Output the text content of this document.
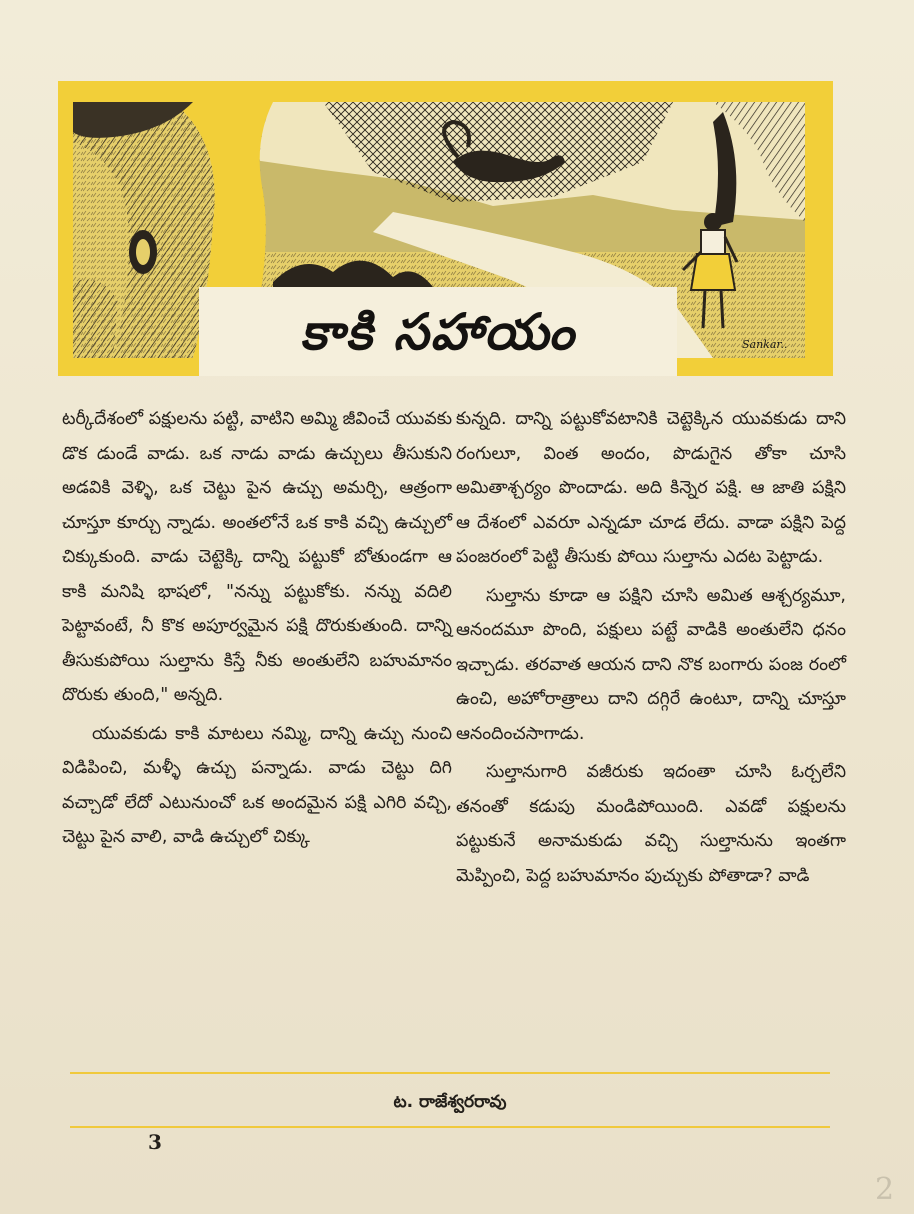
కాకి సహాయం	Sankar..

టర్కీదేశంలో పక్షులను పట్టి, వాటిని అమ్మి జీవించే యువకు డొక డుండే వాడు. ఒక నాడు వాడు ఉచ్చులు తీసుకుని అడవికి వెళ్ళి, ఒక చెట్టు పైన ఉచ్చు అమర్చి, ఆత్రంగా చూస్తూ కూర్చు న్నాడు. అంతలోనే ఒక కాకి వచ్చి ఉచ్చులో చిక్కుకుంది. వాడు చెట్టెక్కి దాన్ని పట్టుకో బోతుండగా ఆ కాకి మనిషి భాషలో, "నన్ను పట్టుకోకు. నన్ను వదిలి పెట్టావంటే, నీ కొక అపూర్వమైన పక్షి దొరుకుతుంది. దాన్ని తీసుకుపోయి సుల్తాను కిస్తే నీకు అంతులేని బహుమానం దొరుకు తుంది," అన్నది.

యువకుడు కాకి మాటలు నమ్మి, దాన్ని ఉచ్చు నుంచి విడిపించి, మళ్ళీ ఉచ్చు పన్నాడు. వాడు చెట్టు దిగి వచ్చాడో లేదో ఎటునుంచో ఒక అందమైన పక్షి ఎగిరి వచ్చి, చెట్టు పైన వాలి, వాడి ఉచ్చులో చిక్కు

కున్నది. దాన్ని పట్టుకోవటానికి చెట్టెక్కిన యువకుడు దాని రంగులూ, వింత అందం, పొడుగైన తోకా చూసి అమితాశ్చర్యం పొందాడు. అది కిన్నెర పక్షి. ఆ జాతి పక్షిని ఆ దేశంలో ఎవరూ ఎన్నడూ చూడ లేదు. వాడా పక్షిని పెద్ద పంజరంలో పెట్టి తీసుకు పోయి సుల్తాను ఎదట పెట్టాడు.

సుల్తాను కూడా ఆ పక్షిని చూసి అమిత ఆశ్చర్యమూ, ఆనందమూ పొంది, పక్షులు పట్టే వాడికి అంతులేని ధనం ఇచ్చాడు. తరవాత ఆయన దాని నొక బంగారు పంజ రంలో ఉంచి, అహోరాత్రాలు దాని దగ్గిరే ఉంటూ, దాన్ని చూస్తూ ఆనందించసాగాడు.

సుల్తానుగారి వజీరుకు ఇదంతా చూసి ఓర్చలేని తనంతో కడుపు మండిపోయింది. ఎవడో పక్షులను పట్టుకునే అనామకుడు వచ్చి సుల్తానును ఇంతగా మెప్పించి, పెద్ద బహుమానం పుచ్చుకు పోతాడా? వాడి

ట. రాజేశ్వరరావు
3
2
